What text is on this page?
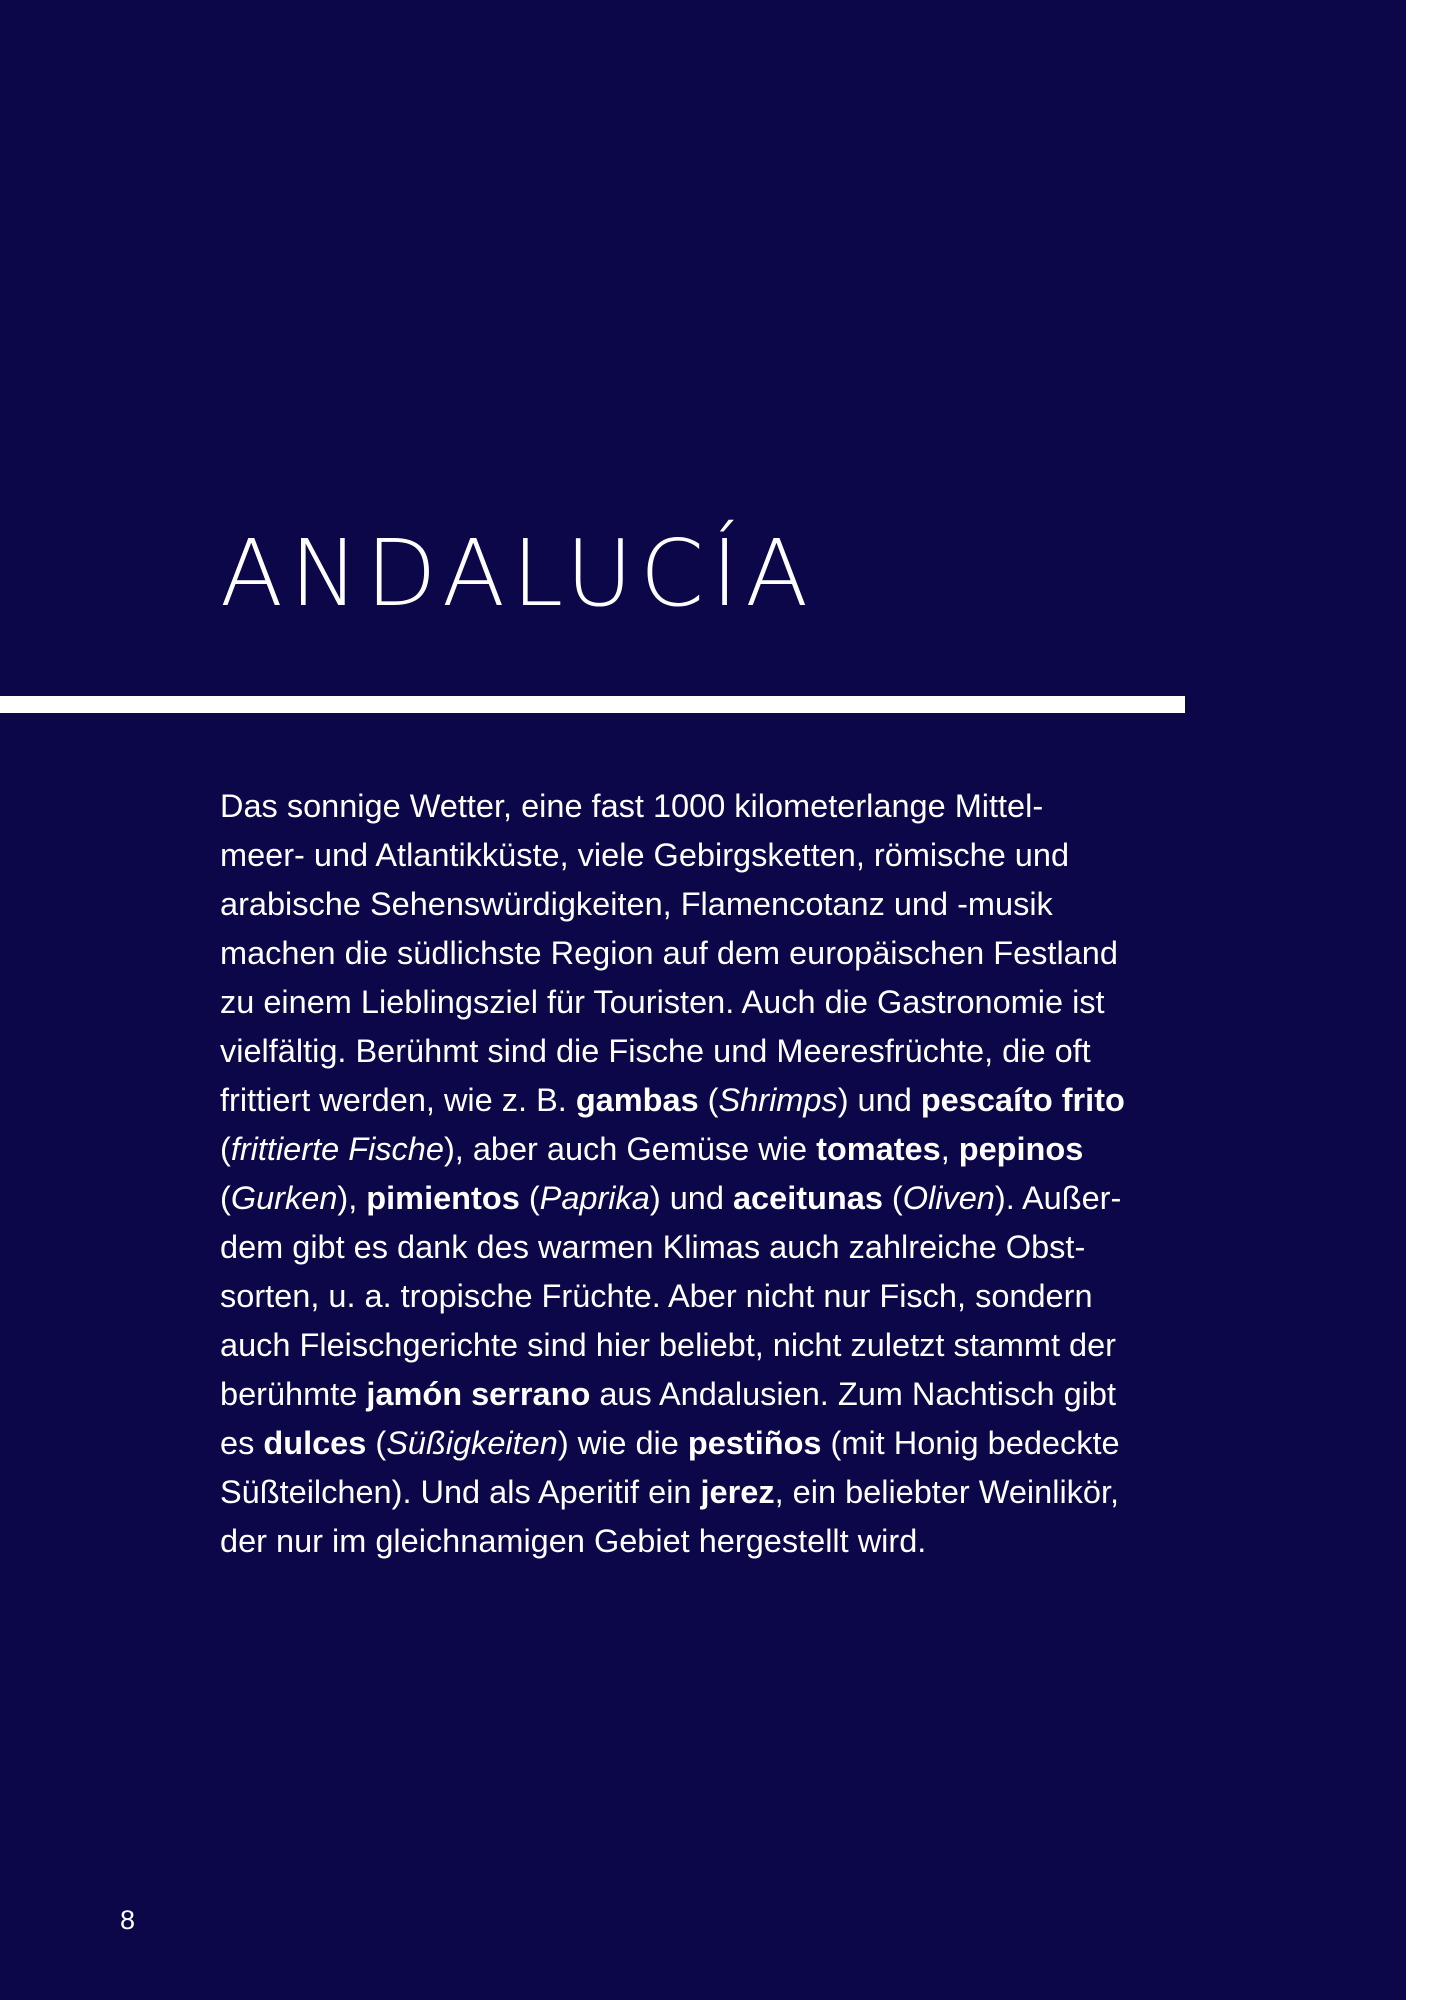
ANDALUCÍA
Das sonnige Wetter, eine fast 1000 kilometerlange Mittel-
meer- und Atlantikküste, viele Gebirgsketten, römische und
arabische Sehenswürdigkeiten, Flamencotanz und -musik
machen die südlichste Region auf dem europäischen Festland
zu einem Lieblingsziel für Touristen. Auch die Gastronomie ist
vielfältig. Berühmt sind die Fische und Meeresfrüchte, die oft
frittiert werden, wie z. B. gambas (Shrimps) und pescaíto frito
(frittierte Fische), aber auch Gemüse wie tomates, pepinos
(Gurken), pimientos (Paprika) und aceitunas (Oliven). Außer-
dem gibt es dank des warmen Klimas auch zahlreiche Obst-
sorten, u. a. tropische Früchte. Aber nicht nur Fisch, sondern
auch Fleischgerichte sind hier beliebt, nicht zuletzt stammt der
berühmte jamón serrano aus Andalusien. Zum Nachtisch gibt
es dulces (Süßigkeiten) wie die pestiños (mit Honig bedeckte
Süßteilchen). Und als Aperitif ein jerez, ein beliebter Weinlikör,
der nur im gleichnamigen Gebiet hergestellt wird.
8
